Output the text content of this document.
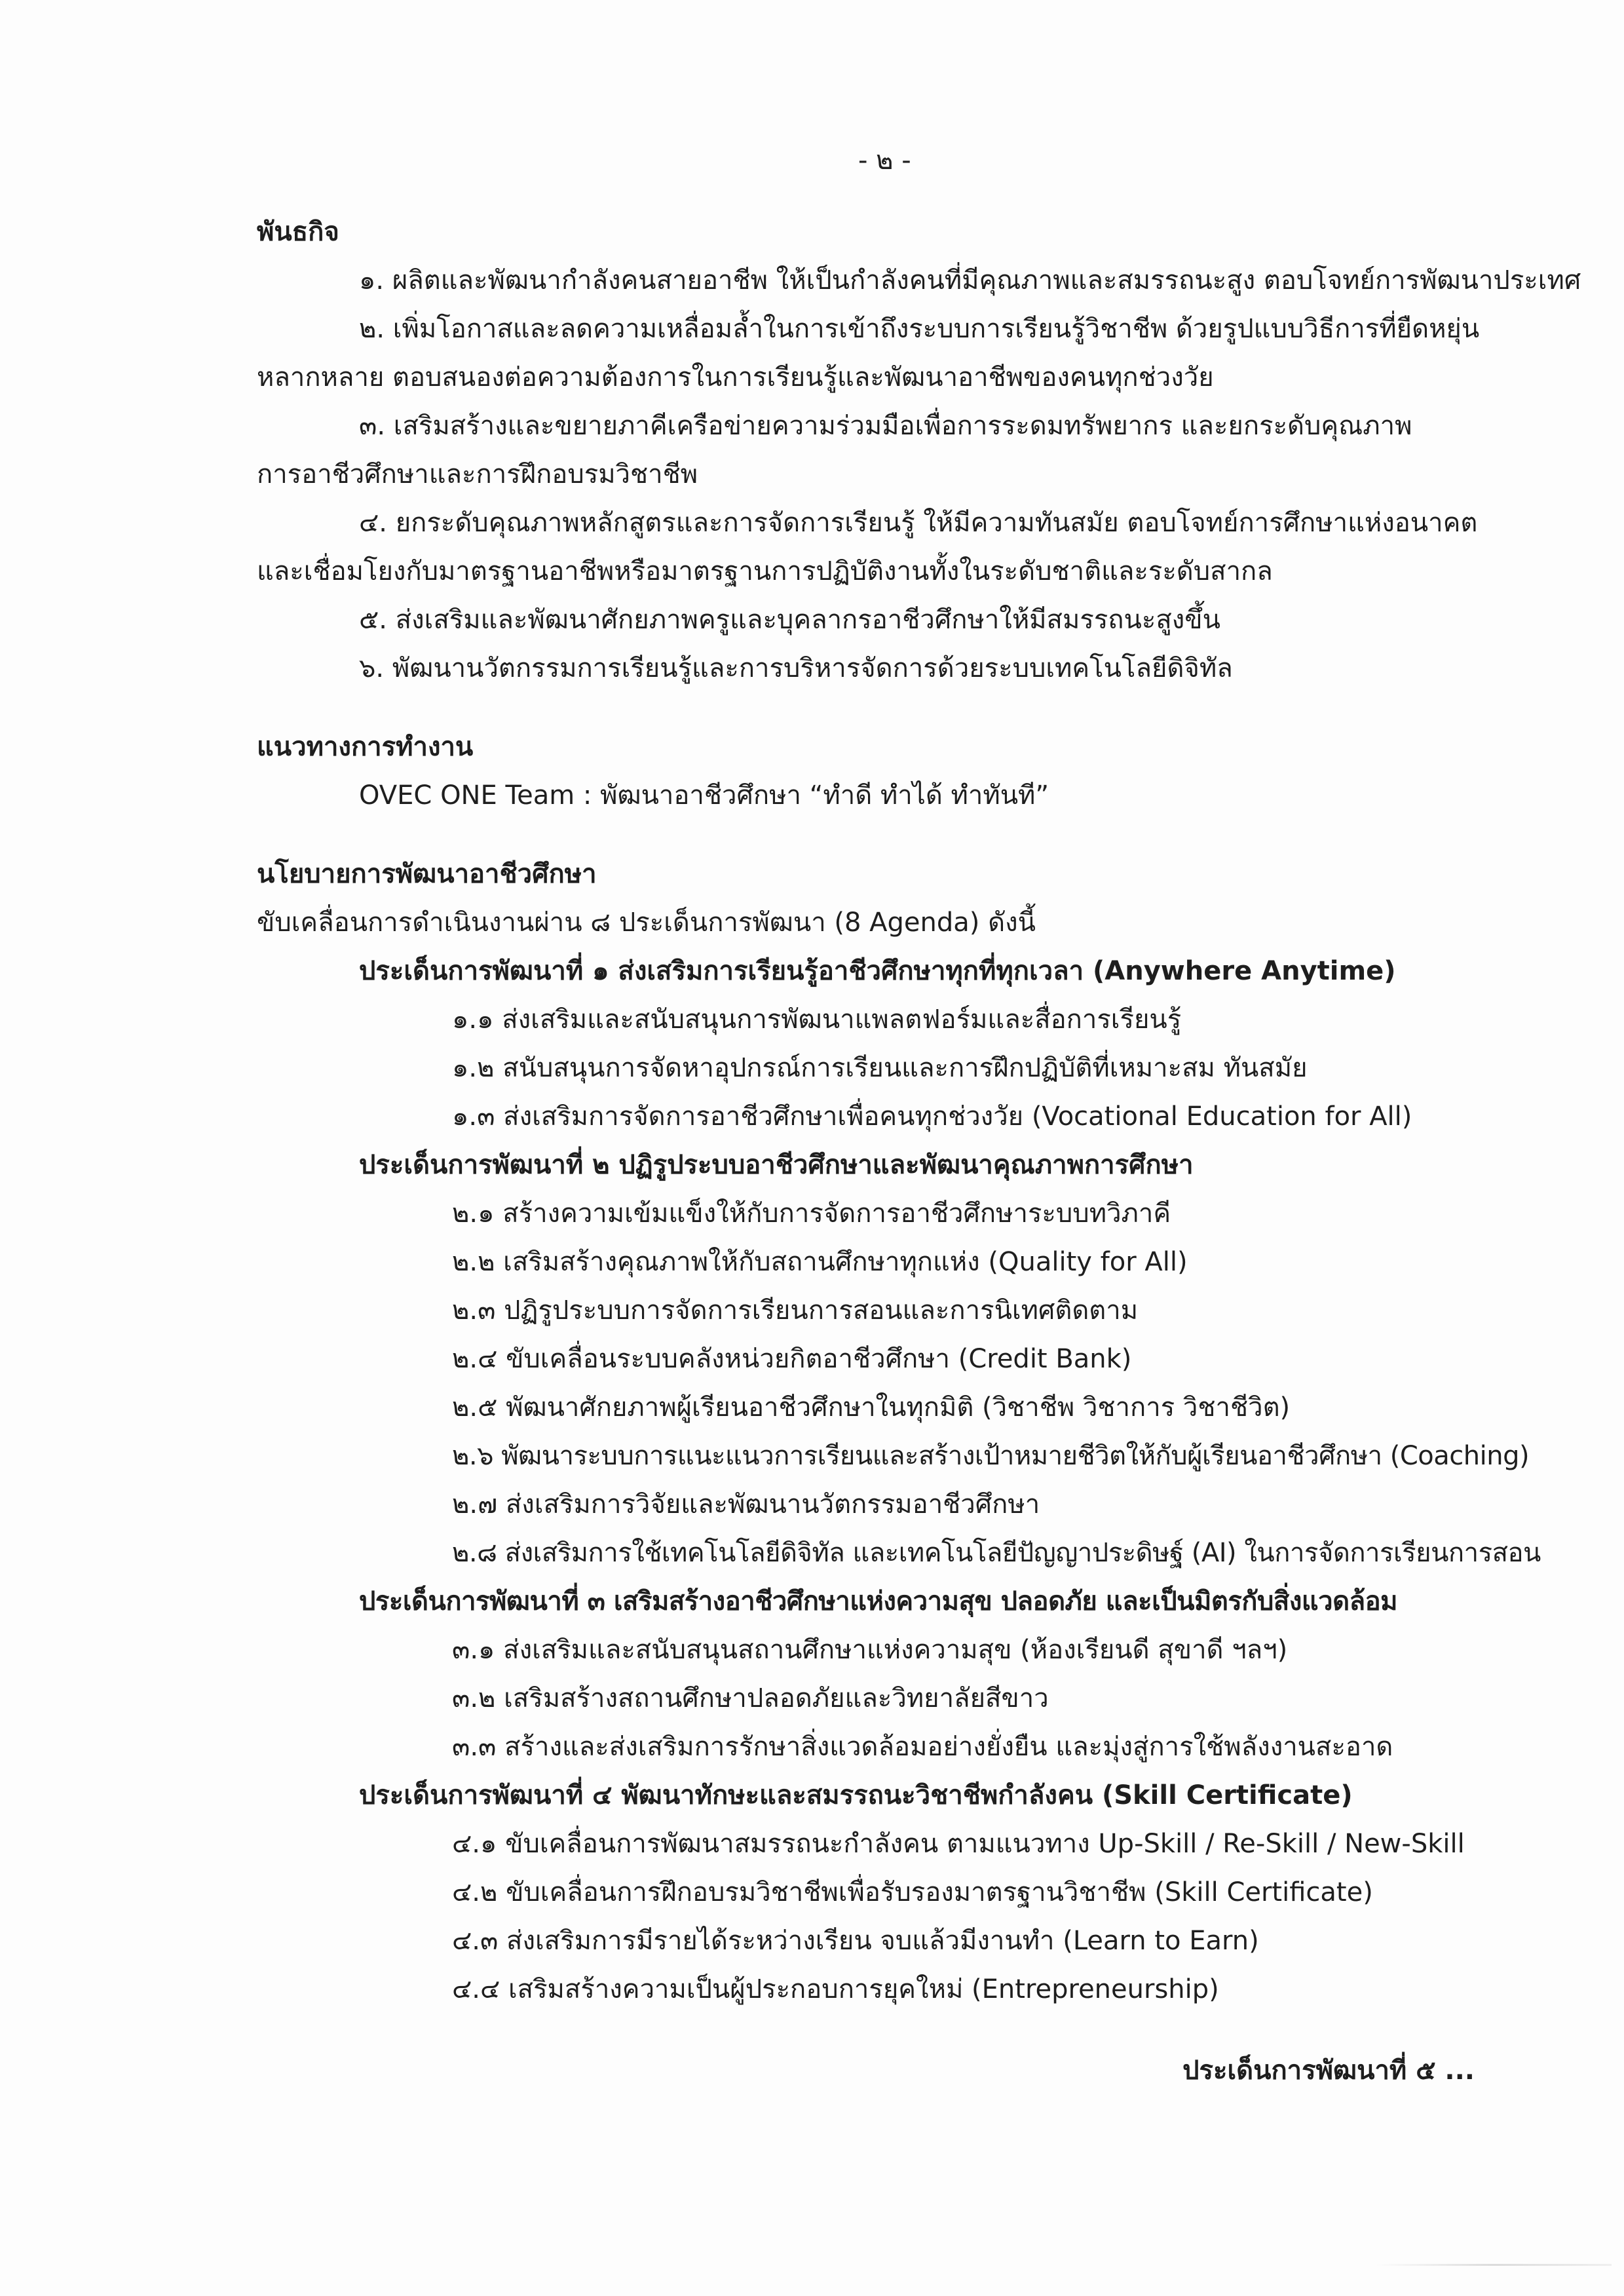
- ๒ -
พันธกิจ
๑. ผลิตและพัฒนากำลังคนสายอาชีพ ให้เป็นกำลังคนที่มีคุณภาพและสมรรถนะสูง ตอบโจทย์การพัฒนาประเทศ
๒. เพิ่มโอกาสและลดความเหลื่อมล้ำในการเข้าถึงระบบการเรียนรู้วิชาชีพ ด้วยรูปแบบวิธีการที่ยืดหยุ่น
หลากหลาย ตอบสนองต่อความต้องการในการเรียนรู้และพัฒนาอาชีพของคนทุกช่วงวัย
๓. เสริมสร้างและขยายภาคีเครือข่ายความร่วมมือเพื่อการระดมทรัพยากร และยกระดับคุณภาพ
การอาชีวศึกษาและการฝึกอบรมวิชาชีพ
๔. ยกระดับคุณภาพหลักสูตรและการจัดการเรียนรู้ ให้มีความทันสมัย ตอบโจทย์การศึกษาแห่งอนาคต
และเชื่อมโยงกับมาตรฐานอาชีพหรือมาตรฐานการปฏิบัติงานทั้งในระดับชาติและระดับสากล
๕. ส่งเสริมและพัฒนาศักยภาพครูและบุคลากรอาชีวศึกษาให้มีสมรรถนะสูงขึ้น
๖. พัฒนานวัตกรรมการเรียนรู้และการบริหารจัดการด้วยระบบเทคโนโลยีดิจิทัล
แนวทางการทำงาน
OVEC ONE Team : พัฒนาอาชีวศึกษา “ทำดี ทำได้ ทำทันที”
นโยบายการพัฒนาอาชีวศึกษา
ขับเคลื่อนการดำเนินงานผ่าน ๘ ประเด็นการพัฒนา (8 Agenda) ดังนี้
ประเด็นการพัฒนาที่ ๑ ส่งเสริมการเรียนรู้อาชีวศึกษาทุกที่ทุกเวลา (Anywhere Anytime)
๑.๑ ส่งเสริมและสนับสนุนการพัฒนาแพลตฟอร์มและสื่อการเรียนรู้
๑.๒ สนับสนุนการจัดหาอุปกรณ์การเรียนและการฝึกปฏิบัติที่เหมาะสม ทันสมัย
๑.๓ ส่งเสริมการจัดการอาชีวศึกษาเพื่อคนทุกช่วงวัย (Vocational Education for All)
ประเด็นการพัฒนาที่ ๒ ปฏิรูประบบอาชีวศึกษาและพัฒนาคุณภาพการศึกษา
๒.๑ สร้างความเข้มแข็งให้กับการจัดการอาชีวศึกษาระบบทวิภาคี
๒.๒ เสริมสร้างคุณภาพให้กับสถานศึกษาทุกแห่ง (Quality for All)
๒.๓ ปฏิรูประบบการจัดการเรียนการสอนและการนิเทศติดตาม
๒.๔ ขับเคลื่อนระบบคลังหน่วยกิตอาชีวศึกษา (Credit Bank)
๒.๕ พัฒนาศักยภาพผู้เรียนอาชีวศึกษาในทุกมิติ (วิชาชีพ วิชาการ วิชาชีวิต)
๒.๖ พัฒนาระบบการแนะแนวการเรียนและสร้างเป้าหมายชีวิตให้กับผู้เรียนอาชีวศึกษา (Coaching)
๒.๗ ส่งเสริมการวิจัยและพัฒนานวัตกรรมอาชีวศึกษา
๒.๘ ส่งเสริมการใช้เทคโนโลยีดิจิทัล และเทคโนโลยีปัญญาประดิษฐ์ (AI) ในการจัดการเรียนการสอน
ประเด็นการพัฒนาที่ ๓ เสริมสร้างอาชีวศึกษาแห่งความสุข ปลอดภัย และเป็นมิตรกับสิ่งแวดล้อม
๓.๑ ส่งเสริมและสนับสนุนสถานศึกษาแห่งความสุข (ห้องเรียนดี สุขาดี ฯลฯ)
๓.๒ เสริมสร้างสถานศึกษาปลอดภัยและวิทยาลัยสีขาว
๓.๓ สร้างและส่งเสริมการรักษาสิ่งแวดล้อมอย่างยั่งยืน และมุ่งสู่การใช้พลังงานสะอาด
ประเด็นการพัฒนาที่ ๔ พัฒนาทักษะและสมรรถนะวิชาชีพกำลังคน (Skill Certificate)
๔.๑ ขับเคลื่อนการพัฒนาสมรรถนะกำลังคน ตามแนวทาง Up-Skill / Re-Skill / New-Skill
๔.๒ ขับเคลื่อนการฝึกอบรมวิชาชีพเพื่อรับรองมาตรฐานวิชาชีพ (Skill Certificate)
๔.๓ ส่งเสริมการมีรายได้ระหว่างเรียน จบแล้วมีงานทำ (Learn to Earn)
๔.๔ เสริมสร้างความเป็นผู้ประกอบการยุคใหม่ (Entrepreneurship)
ประเด็นการพัฒนาที่ ๕ ...
